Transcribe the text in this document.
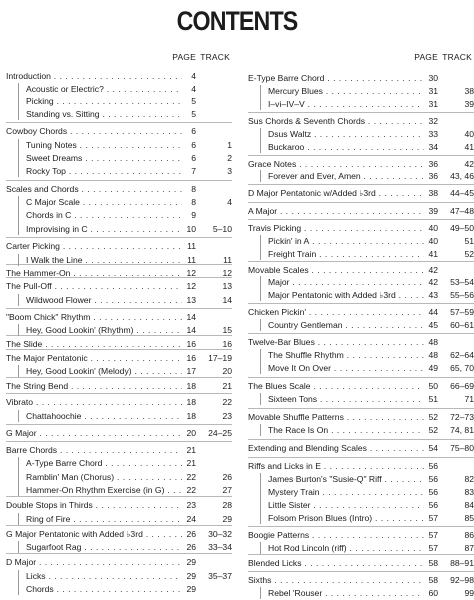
CONTENTS
PAGE TRACK
Introduction . . .	4
Acoustic or Electric? . . .	4
Picking . . .	5
Standing vs. Sitting . . .	5
Cowboy Chords . . .	6
Tuning Notes . . .	6	1
Sweet Dreams . . .	6	2
Rocky Top . . .	7	3
Scales and Chords . . .	8
C Major Scale . . .	8	4
Chords in C . . .	9
Improvising in C . . .	10	5–10
Carter Picking . . .	11
I Walk the Line . . .	11	11
The Hammer-On . . .	12	12
The Pull-Off . . .	12	13
Wildwood Flower . . .	13	14
"Boom Chick" Rhythm . . .	14
Hey, Good Lookin' (Rhythm) . . .	14	15
The Slide . . .	16	16
The Major Pentatonic . . .	16	17–19
Hey, Good Lookin' (Melody) . . .	17	20
The String Bend . . .	18	21
Vibrato . . .	18	22
Chattahoochie . . .	18	23
G Major . . .	20	24–25
Barre Chords . . .	21
A-Type Barre Chord . . .	21
Ramblin' Man (Chorus) . . .	22	26
Hammer-On Rhythm Exercise (in G) . . .	22	27
Double Stops in Thirds . . .	23	28
Ring of Fire . . .	24	29
G Major Pentatonic with Added ♭3rd . . .	26	30–32
Sugarfoot Rag . . .	26	33–34
D Major . . .	29
Licks . . .	29	35–37
Chords . . .	29
PAGE TRACK
E-Type Barre Chord . . .	30
Mercury Blues . . .	31	38
I–vi–IV–V . . .	31	39
Sus Chords & Seventh Chords . . .	32
Dsus Waltz . . .	33	40
Buckaroo . . .	34	41
Grace Notes . . .	36	42
Forever and Ever, Amen . . .	36	43, 46
D Major Pentatonic w/Added ♭3rd . . .	38	44–45
A Major . . .	39	47–48
Travis Picking . . .	40	49–50
Pickin' in A . . .	40	51
Freight Train . . .	41	52
Movable Scales . . .	42
Major . . .	42	53–54
Major Pentatonic with Added ♭3rd . . .	43	55–56
Chicken Pickin' . . .	44	57–59
Country Gentleman . . .	45	60–61
Twelve-Bar Blues . . .	48
The Shuffle Rhythm . . .	48	62–64
Move It On Over . . .	49	65, 70
The Blues Scale . . .	50	66–69
Sixteen Tons . . .	51	71
Movable Shuffle Patterns . . .	52	72–73
The Race Is On . . .	52	74, 81
Extending and Blending Scales . . .	54	75–80
Riffs and Licks in E . . .	56
James Burton's "Susie-Q" Riff . . .	56	82
Mystery Train . . .	56	83
Little Sister . . .	56	84
Folsom Prison Blues (Intro) . . .	57	85
Boogie Patterns . . .	57	86
Hot Rod Lincoln (riff) . . .	57	87
Blended Licks . . .	58	88–91
Sixths . . .	58	92–98
Rebel 'Rouser . . .	60	99
